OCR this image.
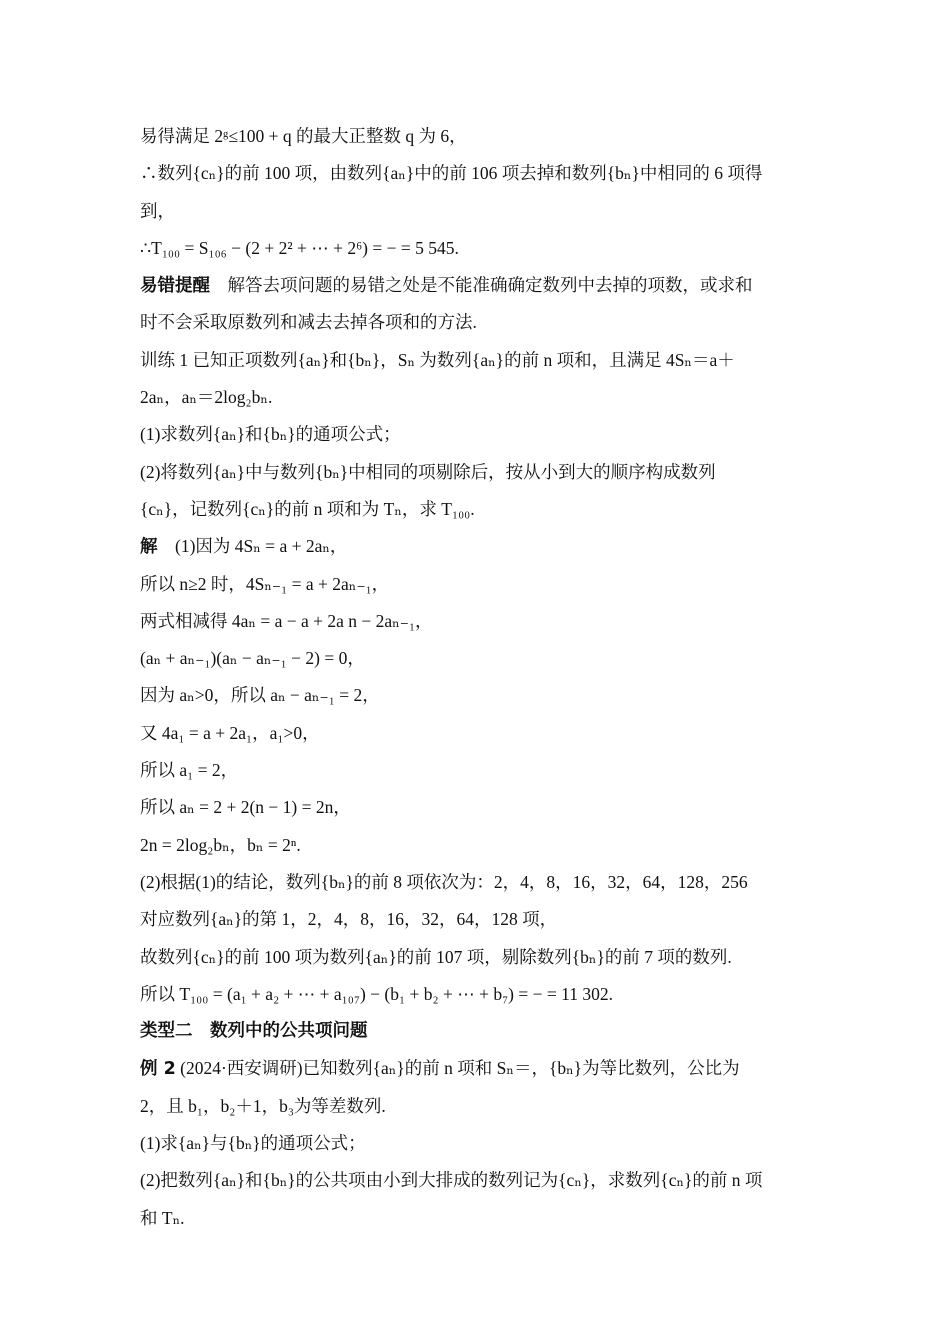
易得满足 2ᵍ≤100 + q 的最大正整数 q 为 6，
∴数列{cₙ}的前 100 项，由数列{aₙ}中的前 106 项去掉和数列{bₙ}中相同的 6 项得
到，
∴T₁₀₀ = S₁₀₆ − (2 + 2² + ⋯ + 2⁶) = − = 5 545.
易错提醒　 解答去项问题的易错之处是不能准确确定数列中去掉的项数，或求和
时不会采取原数列和减去去掉各项和的方法.
训练 1 已知正项数列{aₙ}和{bₙ}，Sₙ 为数列{aₙ}的前 n 项和，且满足 4Sₙ＝a＋
2aₙ，aₙ＝2log₂bₙ.
(1)求数列{aₙ}和{bₙ}的通项公式；
(2)将数列{aₙ}中与数列{bₙ}中相同的项剔除后，按从小到大的顺序构成数列
{cₙ}，记数列{cₙ}的前 n 项和为 Tₙ，求 T₁₀₀.
解　 (1)因为 4Sₙ = a + 2aₙ，
所以 n≥2 时，4Sₙ₋₁ = a + 2aₙ₋₁，
两式相减得 4aₙ = a − a + 2a n − 2aₙ₋₁，
(aₙ + aₙ₋₁)(aₙ − aₙ₋₁ − 2) = 0，
因为 aₙ>0，所以 aₙ − aₙ₋₁ = 2，
又 4a₁ = a + 2a₁，a₁>0，
所以 a₁ = 2，
所以 aₙ = 2 + 2(n − 1) = 2n，
2n = 2log₂bₙ，bₙ = 2ⁿ.
(2)根据(1)的结论，数列{bₙ}的前 8 项依次为：2，4，8，16，32，64，128，256
对应数列{aₙ}的第 1，2，4，8，16，32，64，128 项，
故数列{cₙ}的前 100 项为数列{aₙ}的前 107 项，剔除数列{bₙ}的前 7 项的数列.
所以 T₁₀₀ = (a₁ + a₂ + ⋯ + a₁₀₇) − (b₁ + b₂ + ⋯ + b₇) = − = 11 302.
类型二　数列中的公共项问题
例 2 (2024·西安调研)已知数列{aₙ}的前 n 项和 Sₙ＝，{bₙ}为等比数列，公比为
2，且 b₁，b₂＋1，b₃为等差数列.
(1)求{aₙ}与{bₙ}的通项公式；
(2)把数列{aₙ}和{bₙ}的公共项由小到大排成的数列记为{cₙ}，求数列{cₙ}的前 n 项
和 Tₙ.
